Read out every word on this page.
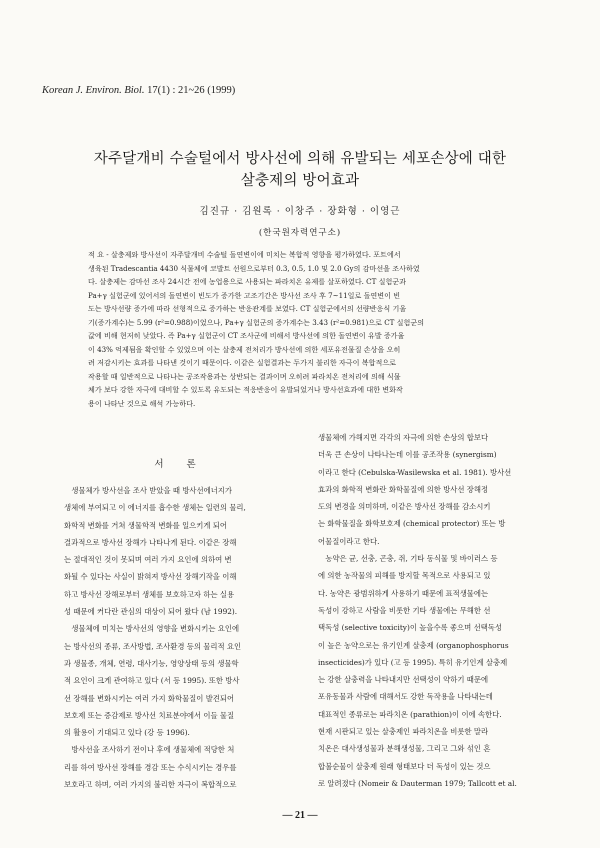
Korean J. Environ. Biol. 17(1) : 21~26 (1999)
자주달개비 수술털에서 방사선에 의해 유발되는 세포손상에 대한
살충제의 방어효과
김진규 · 김원록 · 이창주 · 장화형 · 이영근
(한국원자력연구소)
적 요 - 살충제와 방사선이 자주달개비 수술털 돌연변이에 미치는 복합적 영향을 평가하였다. 포트에서
생육된 Tradescantia 4430 식물체에 코발트 선원으로부터 0.3, 0.5, 1.0 및 2.0 Gy의 감마선을 조사하였
다. 살충제는 감마선 조사 24시간 전에 농업용으로 사용되는 파라치온 유제를 살포하였다. CT 실험군과
Pa+γ 실험군에 있어서의 돌연변이 빈도가 증가한 고조기간은 방사선 조사 후 7~11일로 돌연변이 빈
도는 방사선량 증가에 따라 선형적으로 증가하는 반응관계를 보였다. CT 실험군에서의 선량반응식 기울
기(증가계수)는 5.99 (r²=0.988)이었으나, Pa+γ 실험군의 증가계수는 3.43 (r²=0.981)으로 CT 실험군의
값에 비해 현저히 낮았다. 즉 Pa+γ 실험군이 CT 조사군에 비해서 방사선에 의한 돌연변이 유발 증가율
이 43% 억제됨을 확인할 수 있었으며 이는 살충제 전처리가 방사선에 의한 세포유전물질 손상을 오히
려 저감시키는 효과를 나타낸 것이기 때문이다. 이같은 실험결과는 두가지 불리한 자극이 복합적으로
작용할 때 일반적으로 나타나는 공조작용과는 상반되는 결과이며 오히려 파라치온 전처리에 의해 식물
체가 보다 강한 자극에 대비할 수 있도록 유도되는 적응반응이 유발되었거나 방사선효과에 대한 변화작
용이 나타난 것으로 해석 가능하다.
서 론
　생물체가 방사선을 조사 받았을 때 방사선에너지가
생체에 부여되고 이 에너지를 흡수한 생체는 일련의 물리,
화학적 변화를 거쳐 생물학적 변화를 일으키게 되어
결과적으로 방사선 장해가 나타나게 된다. 이같은 장해
는 절대적인 것이 못되며 여러 가지 요인에 의하여 변
화될 수 있다는 사실이 밝혀져 방사선 장해기작을 이해
하고 방사선 장해로부터 생체를 보호하고자 하는 실용
성 때문에 커다란 관심의 대상이 되어 왔다 (남 1992).
　생물체에 미치는 방사선의 영향을 변화시키는 요인에
는 방사선의 종류, 조사방법, 조사환경 등의 물리적 요인
과 생물종, 개체, 연령, 대사기능, 영양상태 등의 생물학
적 요인이 크게 관여하고 있다 (서 등 1995). 또한 방사
선 장해를 변화시키는 여러 가지 화학물질이 발견되어
보호제 또는 증감제로 방사선 치료분야에서 이들 물질
의 활용이 기대되고 있다 (강 등 1996).
　방사선을 조사하기 전이나 후에 생물체에 적당한 처
리를 하여 방사선 장해를 경감 또는 수식시키는 경우를
보호라고 하며, 여러 가지의 불리한 자극이 복합적으로
생물체에 가해지면 각각의 자극에 의한 손상의 합보다
더욱 큰 손상이 나타나는데 이를 공조작용 (synergism)
이라고 한다 (Cebulska-Wasilewska et al. 1981). 방사선
효과의 화학적 변화란 화학물질에 의한 방사선 장해정
도의 변경을 의미하며, 이같은 방사선 장해를 감소시키
는 화학물질을 화학보호제 (chemical protector) 또는 방
어물질이라고 한다.
　농약은 균, 선충, 곤충, 쥐, 기타 동식물 및 바이러스 등
에 의한 농작물의 피해를 방지할 목적으로 사용되고 있
다. 농약은 광범위하게 사용하기 때문에 표적생물에는
독성이 강하고 사람을 비롯한 기타 생물에는 무해한 선
택독성 (selective toxicity)이 높을수록 좋으며 선택독성
이 높은 농약으로는 유기인계 살충제 (organophosphorus
insecticides)가 있다 (고 등 1995). 특히 유기인계 살충제
는 강한 살충력을 나타내지만 선택성이 약하기 때문에
포유동물과 사람에 대해서도 강한 독작용을 나타내는데
대표적인 종류로는 파라치온 (parathion)이 이에 속한다.
현재 시판되고 있는 살충제인 파라치온을 비롯한 말라
치온은 대사생성물과 분해생성물, 그리고 그와 섞인 혼
합불순물이 살충제 원래 형태보다 더 독성이 있는 것으
로 알려졌다 (Nomeir & Dauterman 1979; Tallcott et al.
— 21 —
